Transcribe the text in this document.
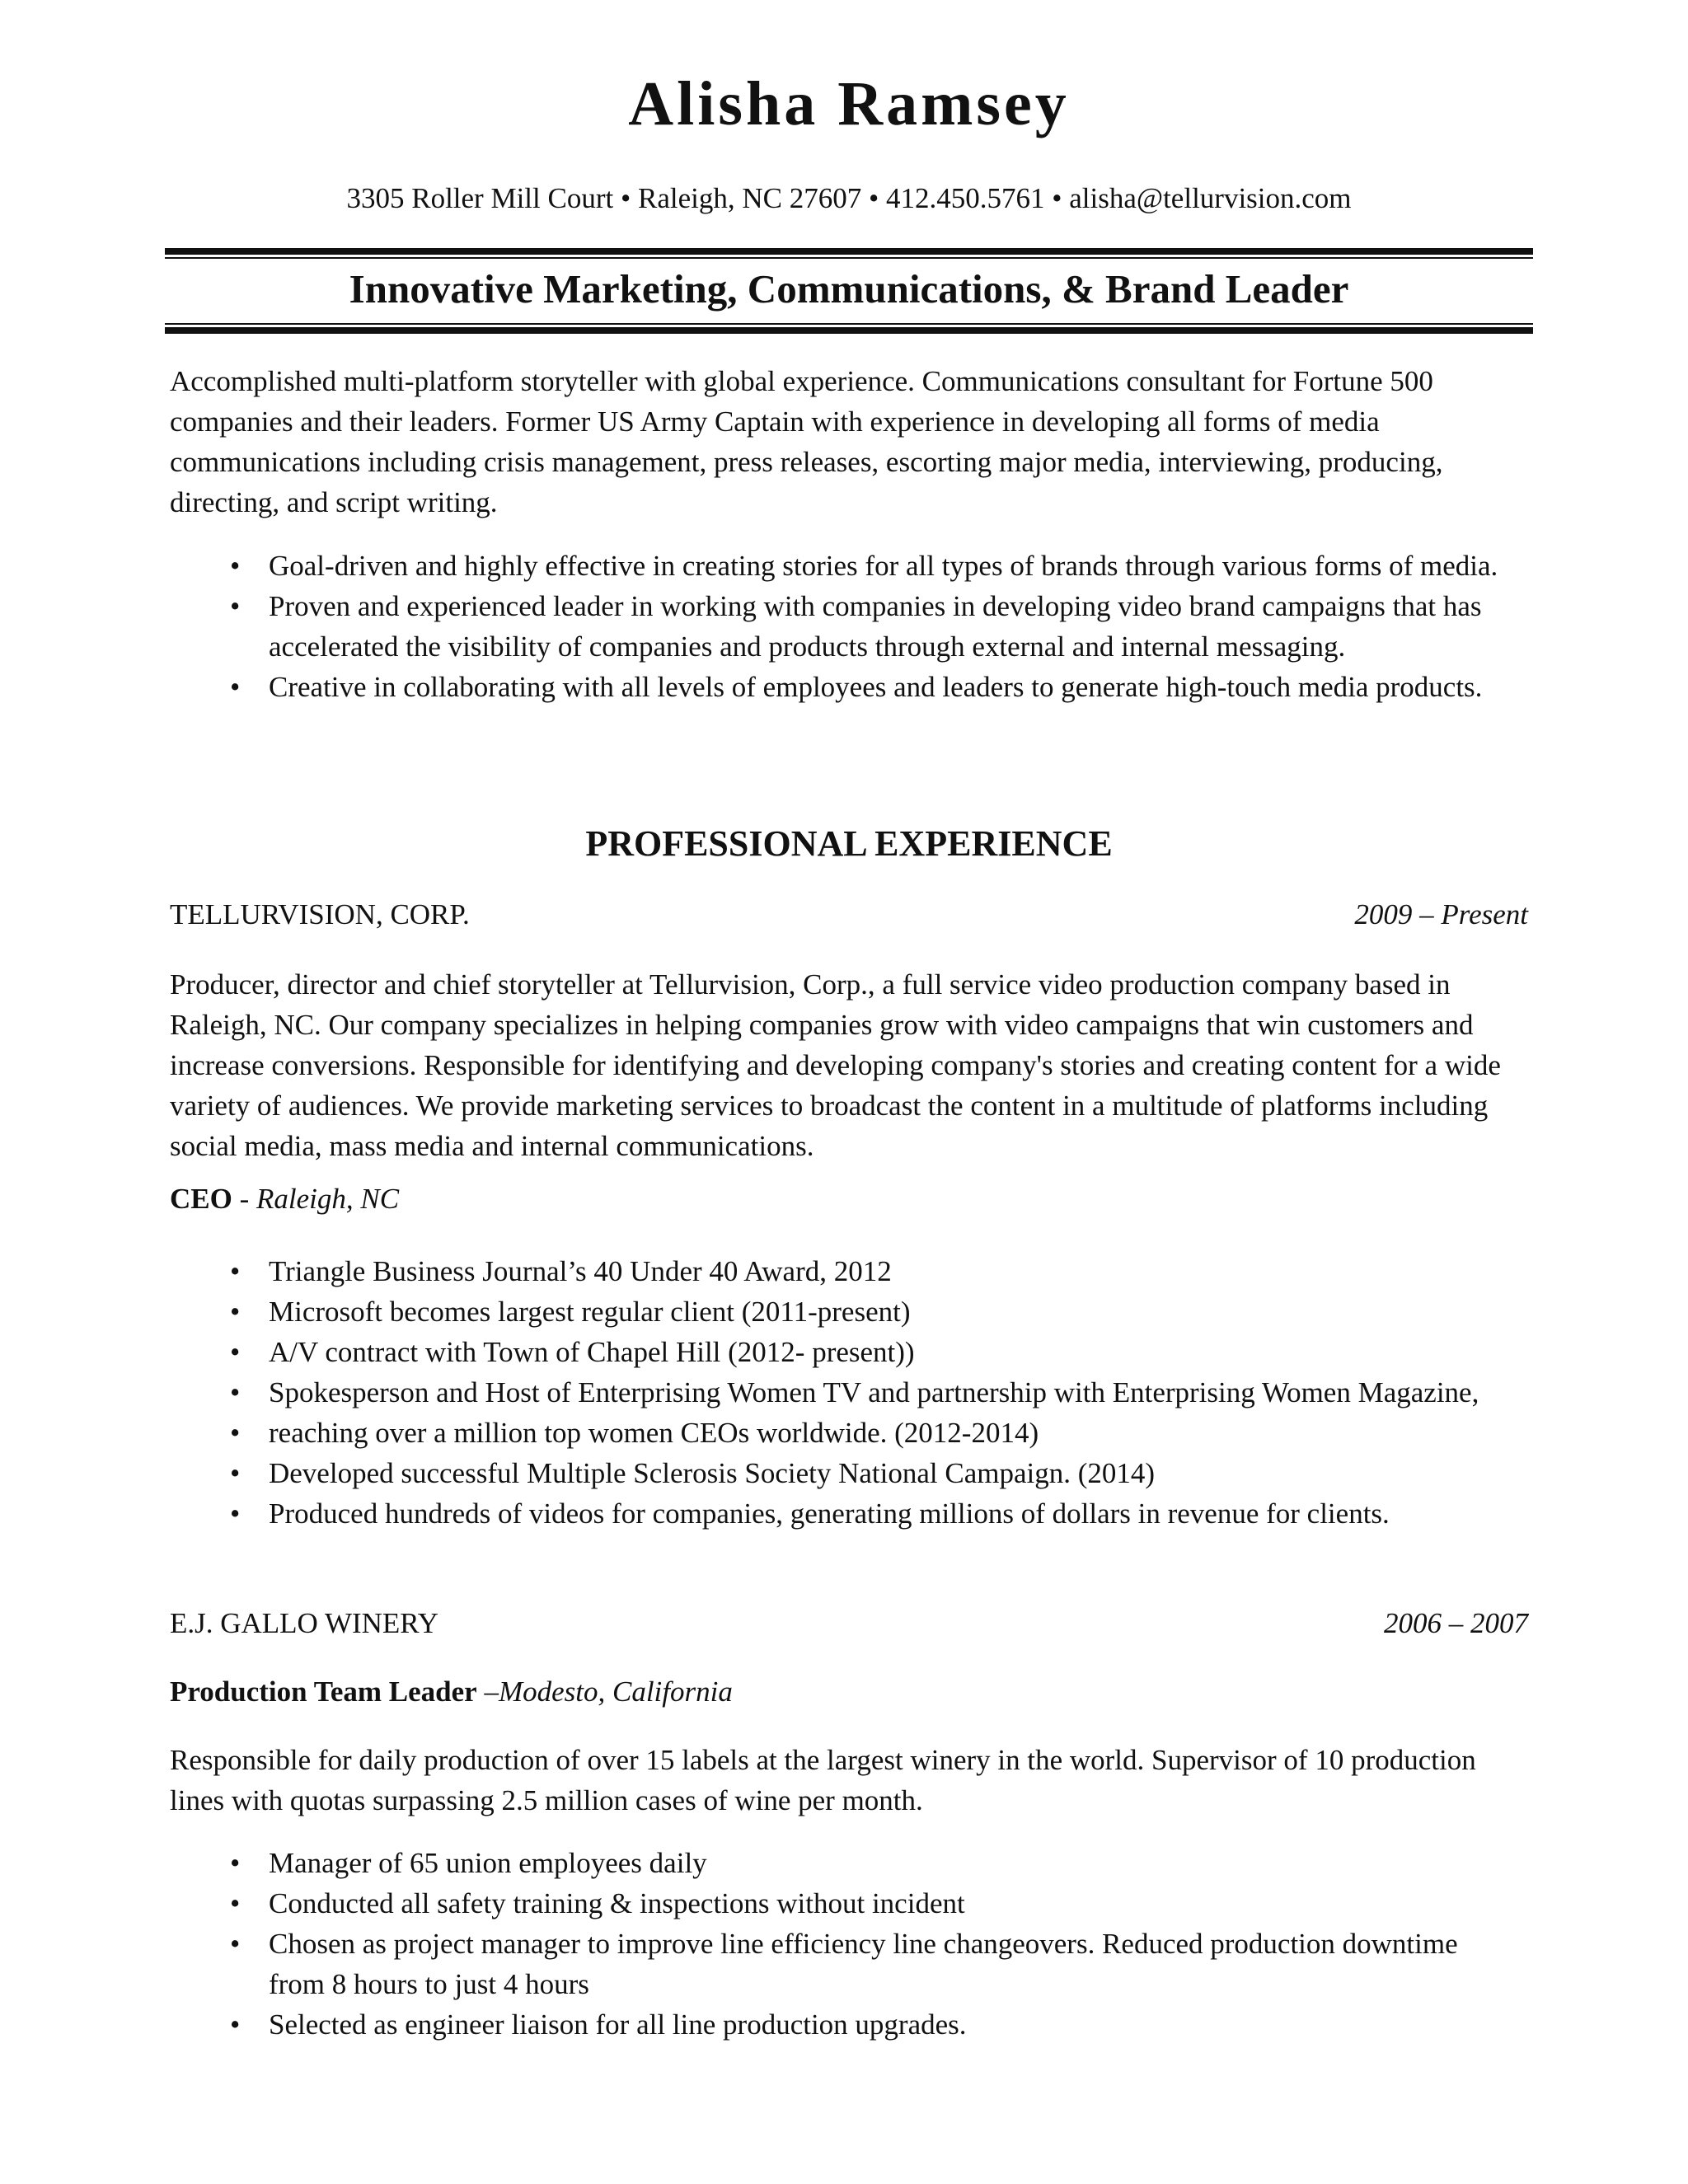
Alisha Ramsey
3305 Roller Mill Court • Raleigh, NC 27607 • 412.450.5761 • alisha@tellurvision.com
Innovative Marketing, Communications, & Brand Leader

Accomplished multi-platform storyteller with global experience. Communications consultant for Fortune 500 companies and their leaders. Former US Army Captain with experience in developing all forms of media communications including crisis management, press releases, escorting major media, interviewing, producing, directing, and script writing.

• Goal-driven and highly effective in creating stories for all types of brands through various forms of media.
• Proven and experienced leader in working with companies in developing video brand campaigns that has accelerated the visibility of companies and products through external and internal messaging.
• Creative in collaborating with all levels of employees and leaders to generate high-touch media products.
PROFESSIONAL EXPERIENCE
TELLURVISION, CORP.	2009 – Present

Producer, director and chief storyteller at Tellurvision, Corp., a full service video production company based in Raleigh, NC. Our company specializes in helping companies grow with video campaigns that win customers and increase conversions. Responsible for identifying and developing company's stories and creating content for a wide variety of audiences. We provide marketing services to broadcast the content in a multitude of platforms including social media, mass media and internal communications.

CEO - Raleigh, NC
• Triangle Business Journal’s 40 Under 40 Award, 2012
• Microsoft becomes largest regular client (2011-present)
• A/V contract with Town of Chapel Hill (2012- present))
• Spokesperson and Host of Enterprising Women TV and partnership with Enterprising Women Magazine,
• reaching over a million top women CEOs worldwide. (2012-2014)
• Developed successful Multiple Sclerosis Society National Campaign. (2014)
• Produced hundreds of videos for companies, generating millions of dollars in revenue for clients.
E.J. GALLO WINERY	2006 – 2007
Production Team Leader –Modesto, California

Responsible for daily production of over 15 labels at the largest winery in the world. Supervisor of 10 production lines with quotas surpassing 2.5 million cases of wine per month.

• Manager of 65 union employees daily
• Conducted all safety training & inspections without incident
• Chosen as project manager to improve line efficiency line changeovers. Reduced production downtime from 8 hours to just 4 hours
• Selected as engineer liaison for all line production upgrades.
